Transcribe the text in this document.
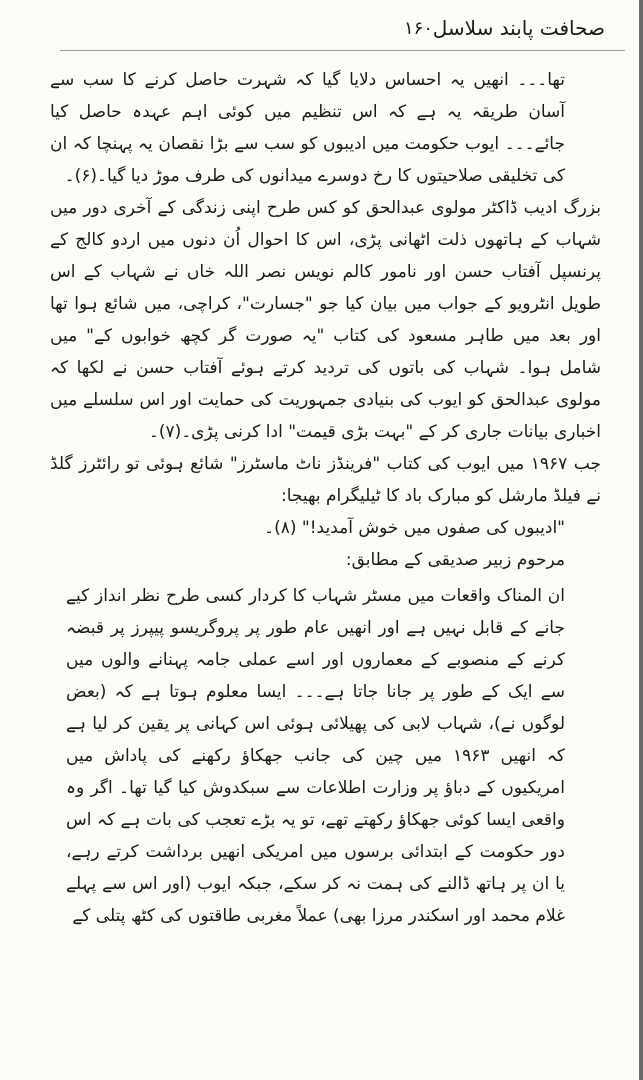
صحافت پابند سلاسل
۱۶۰

تھا۔۔۔ انھیں یہ احساس دلایا گیا کہ شہرت حاصل کرنے کا سب سے آسان طریقہ یہ ہے کہ اس تنظیم میں کوئی اہم عہدہ حاصل کیا جائے۔۔۔ ایوب حکومت میں ادیبوں کو سب سے بڑا نقصان یہ پہنچا کہ ان کی تخلیقی صلاحیتوں کا رخ دوسرے میدانوں کی طرف موڑ دیا گیا۔(۶)۔

بزرگ ادیب ڈاکٹر مولوی عبدالحق کو کس طرح اپنی زندگی کے آخری دور میں شہاب کے ہاتھوں ذلت اٹھانی پڑی، اس کا احوال اُن دنوں میں اردو کالج کے پرنسپل آفتاب حسن اور نامور کالم نویس نصر اللہ خاں نے شہاب کے اس طویل انٹرویو کے جواب میں بیان کیا جو "جسارت"، کراچی، میں شائع ہوا تھا اور بعد میں طاہر مسعود کی کتاب "یہ صورت گر کچھ خوابوں کے" میں شامل ہوا۔ شہاب کی باتوں کی تردید کرتے ہوئے آفتاب حسن نے لکھا کہ مولوی عبدالحق کو ایوب کی بنیادی جمہوریت کی حمایت اور اس سلسلے میں اخباری بیانات جاری کر کے "بہت بڑی قیمت" ادا کرنی پڑی۔(۷)۔

جب ۱۹۶۷ میں ایوب کی کتاب "فرینڈز ناٹ ماسٹرز" شائع ہوئی تو رائٹرز گلڈ نے فیلڈ مارشل کو مبارک باد کا ٹیلیگرام بھیجا:

"ادیبوں کی صفوں میں خوش آمدید!" (۸)۔

مرحوم زبیر صدیقی کے مطابق:

ان المناک واقعات میں مسٹر شہاب کا کردار کسی طرح نظر انداز کیے جانے کے قابل نہیں ہے اور انھیں عام طور پر پروگریسو پیپرز پر قبضہ کرنے کے منصوبے کے معماروں اور اسے عملی جامہ پہنانے والوں میں سے ایک کے طور پر جانا جاتا ہے۔۔۔ ایسا معلوم ہوتا ہے کہ (بعض لوگوں نے)، شہاب لابی کی پھیلائی ہوئی اس کہانی پر یقین کر لیا ہے کہ انھیں ۱۹۶۳ میں چین کی جانب جھکاؤ رکھنے کی پاداش میں امریکیوں کے دباؤ پر وزارت اطلاعات سے سبکدوش کیا گیا تھا۔ اگر وہ واقعی ایسا کوئی جھکاؤ رکھتے تھے، تو یہ بڑے تعجب کی بات ہے کہ اس دور حکومت کے ابتدائی برسوں میں امریکی انھیں برداشت کرتے رہے، یا ان پر ہاتھ ڈالنے کی ہمت نہ کر سکے، جبکہ ایوب (اور اس سے پہلے غلام محمد اور اسکندر مرزا بھی) عملاً مغربی طاقتوں کی کٹھ پتلی کے
